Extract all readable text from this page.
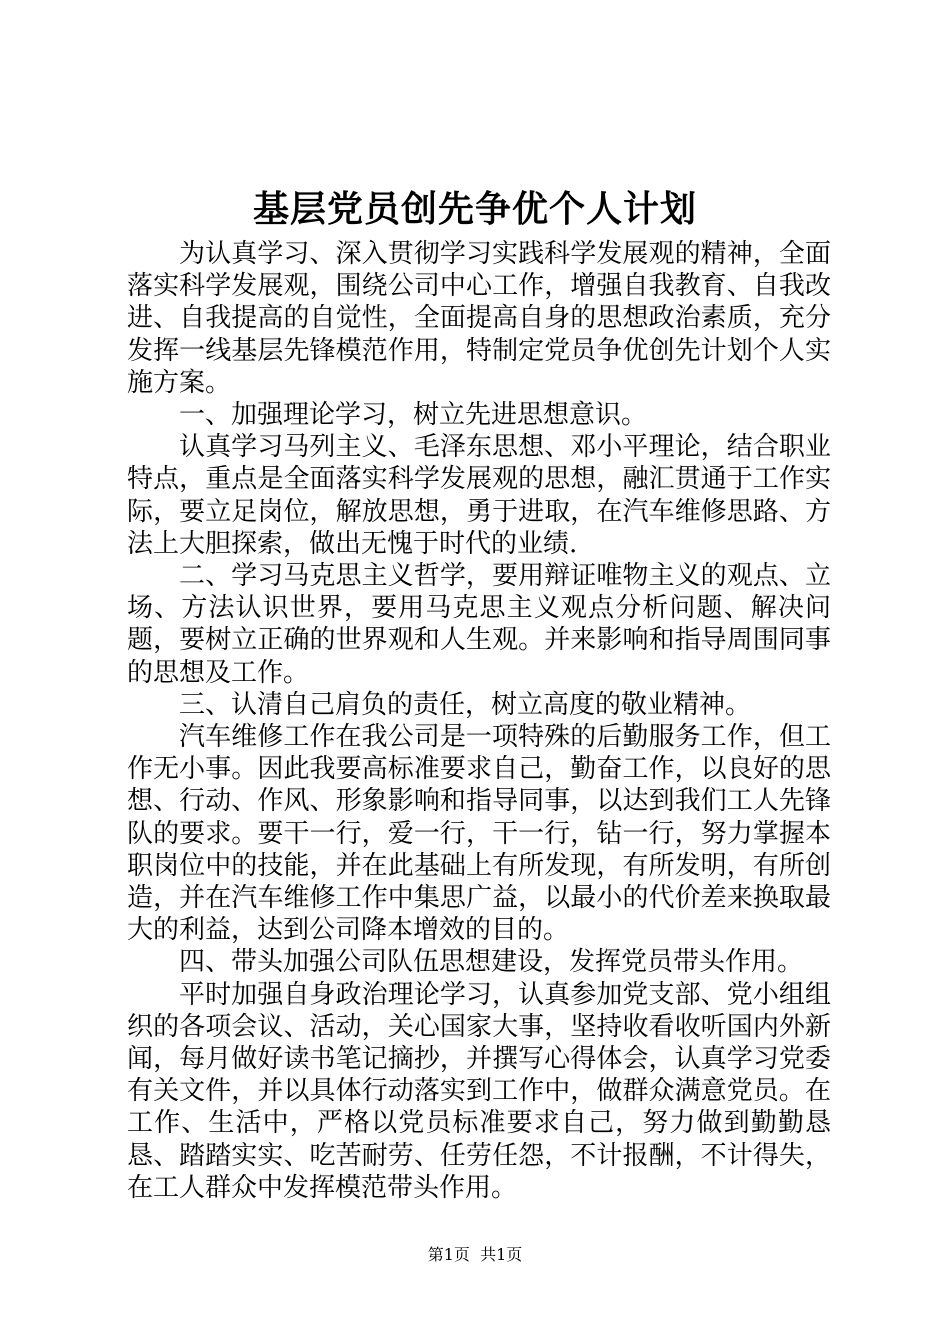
基层党员创先争优个人计划

为认真学习、深入贯彻学习实践科学发展观的精神，全面落实科学发展观，围绕公司中心工作，增强自我教育、自我改进、自我提高的自觉性，全面提高自身的思想政治素质，充分发挥一线基层先锋模范作用，特制定党员争优创先计划个人实施方案。

一、加强理论学习，树立先进思想意识。

认真学习马列主义、毛泽东思想、邓小平理论，结合职业特点，重点是全面落实科学发展观的思想，融汇贯通于工作实际，要立足岗位，解放思想，勇于进取，在汽车维修思路、方法上大胆探索，做出无愧于时代的业绩.

二、学习马克思主义哲学，要用辩证唯物主义的观点、立场、方法认识世界，要用马克思主义观点分析问题、解决问题，要树立正确的世界观和人生观。并来影响和指导周围同事的思想及工作。

三、认清自己肩负的责任，树立高度的敬业精神。

汽车维修工作在我公司是一项特殊的后勤服务工作，但工作无小事。因此我要高标准要求自己，勤奋工作，以良好的思想、行动、作风、形象影响和指导同事，以达到我们工人先锋队的要求。要干一行，爱一行，干一行，钻一行，努力掌握本职岗位中的技能，并在此基础上有所发现，有所发明，有所创造，并在汽车维修工作中集思广益，以最小的代价差来换取最大的利益，达到公司降本增效的目的。

四、带头加强公司队伍思想建设，发挥党员带头作用。

平时加强自身政治理论学习，认真参加党支部、党小组组织的各项会议、活动，关心国家大事，坚持收看收听国内外新闻，每月做好读书笔记摘抄，并撰写心得体会，认真学习党委有关文件，并以具体行动落实到工作中，做群众满意党员。在工作、生活中，严格以党员标准要求自己，努力做到勤勤恳恳、踏踏实实、吃苦耐劳、任劳任怨，不计报酬，不计得失，在工人群众中发挥模范带头作用。

第1页  共1页
